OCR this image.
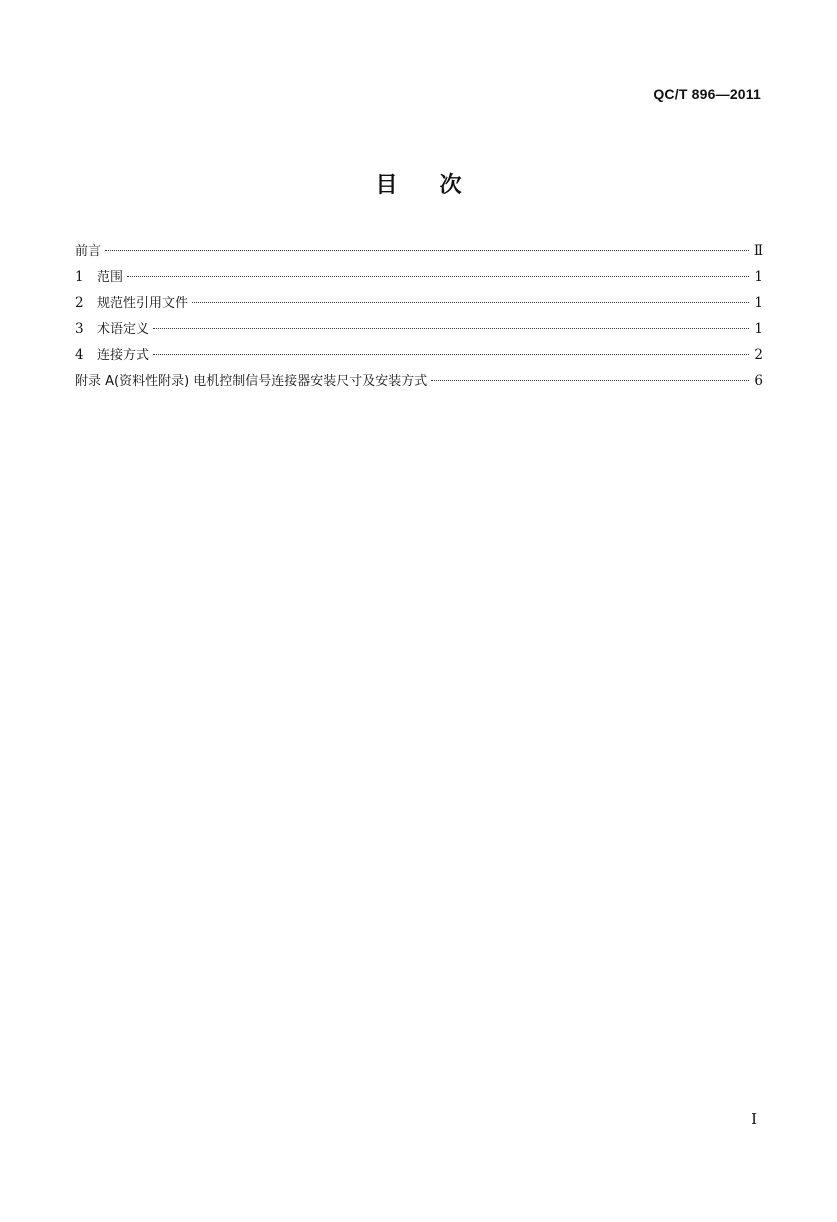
QC/T 896—2011
目 次
前言	Ⅱ
1	范围	1
2	规范性引用文件	1
3	术语定义	1
4	连接方式	2
附录 A(资料性附录) 电机控制信号连接器安装尺寸及安装方式	6
I
